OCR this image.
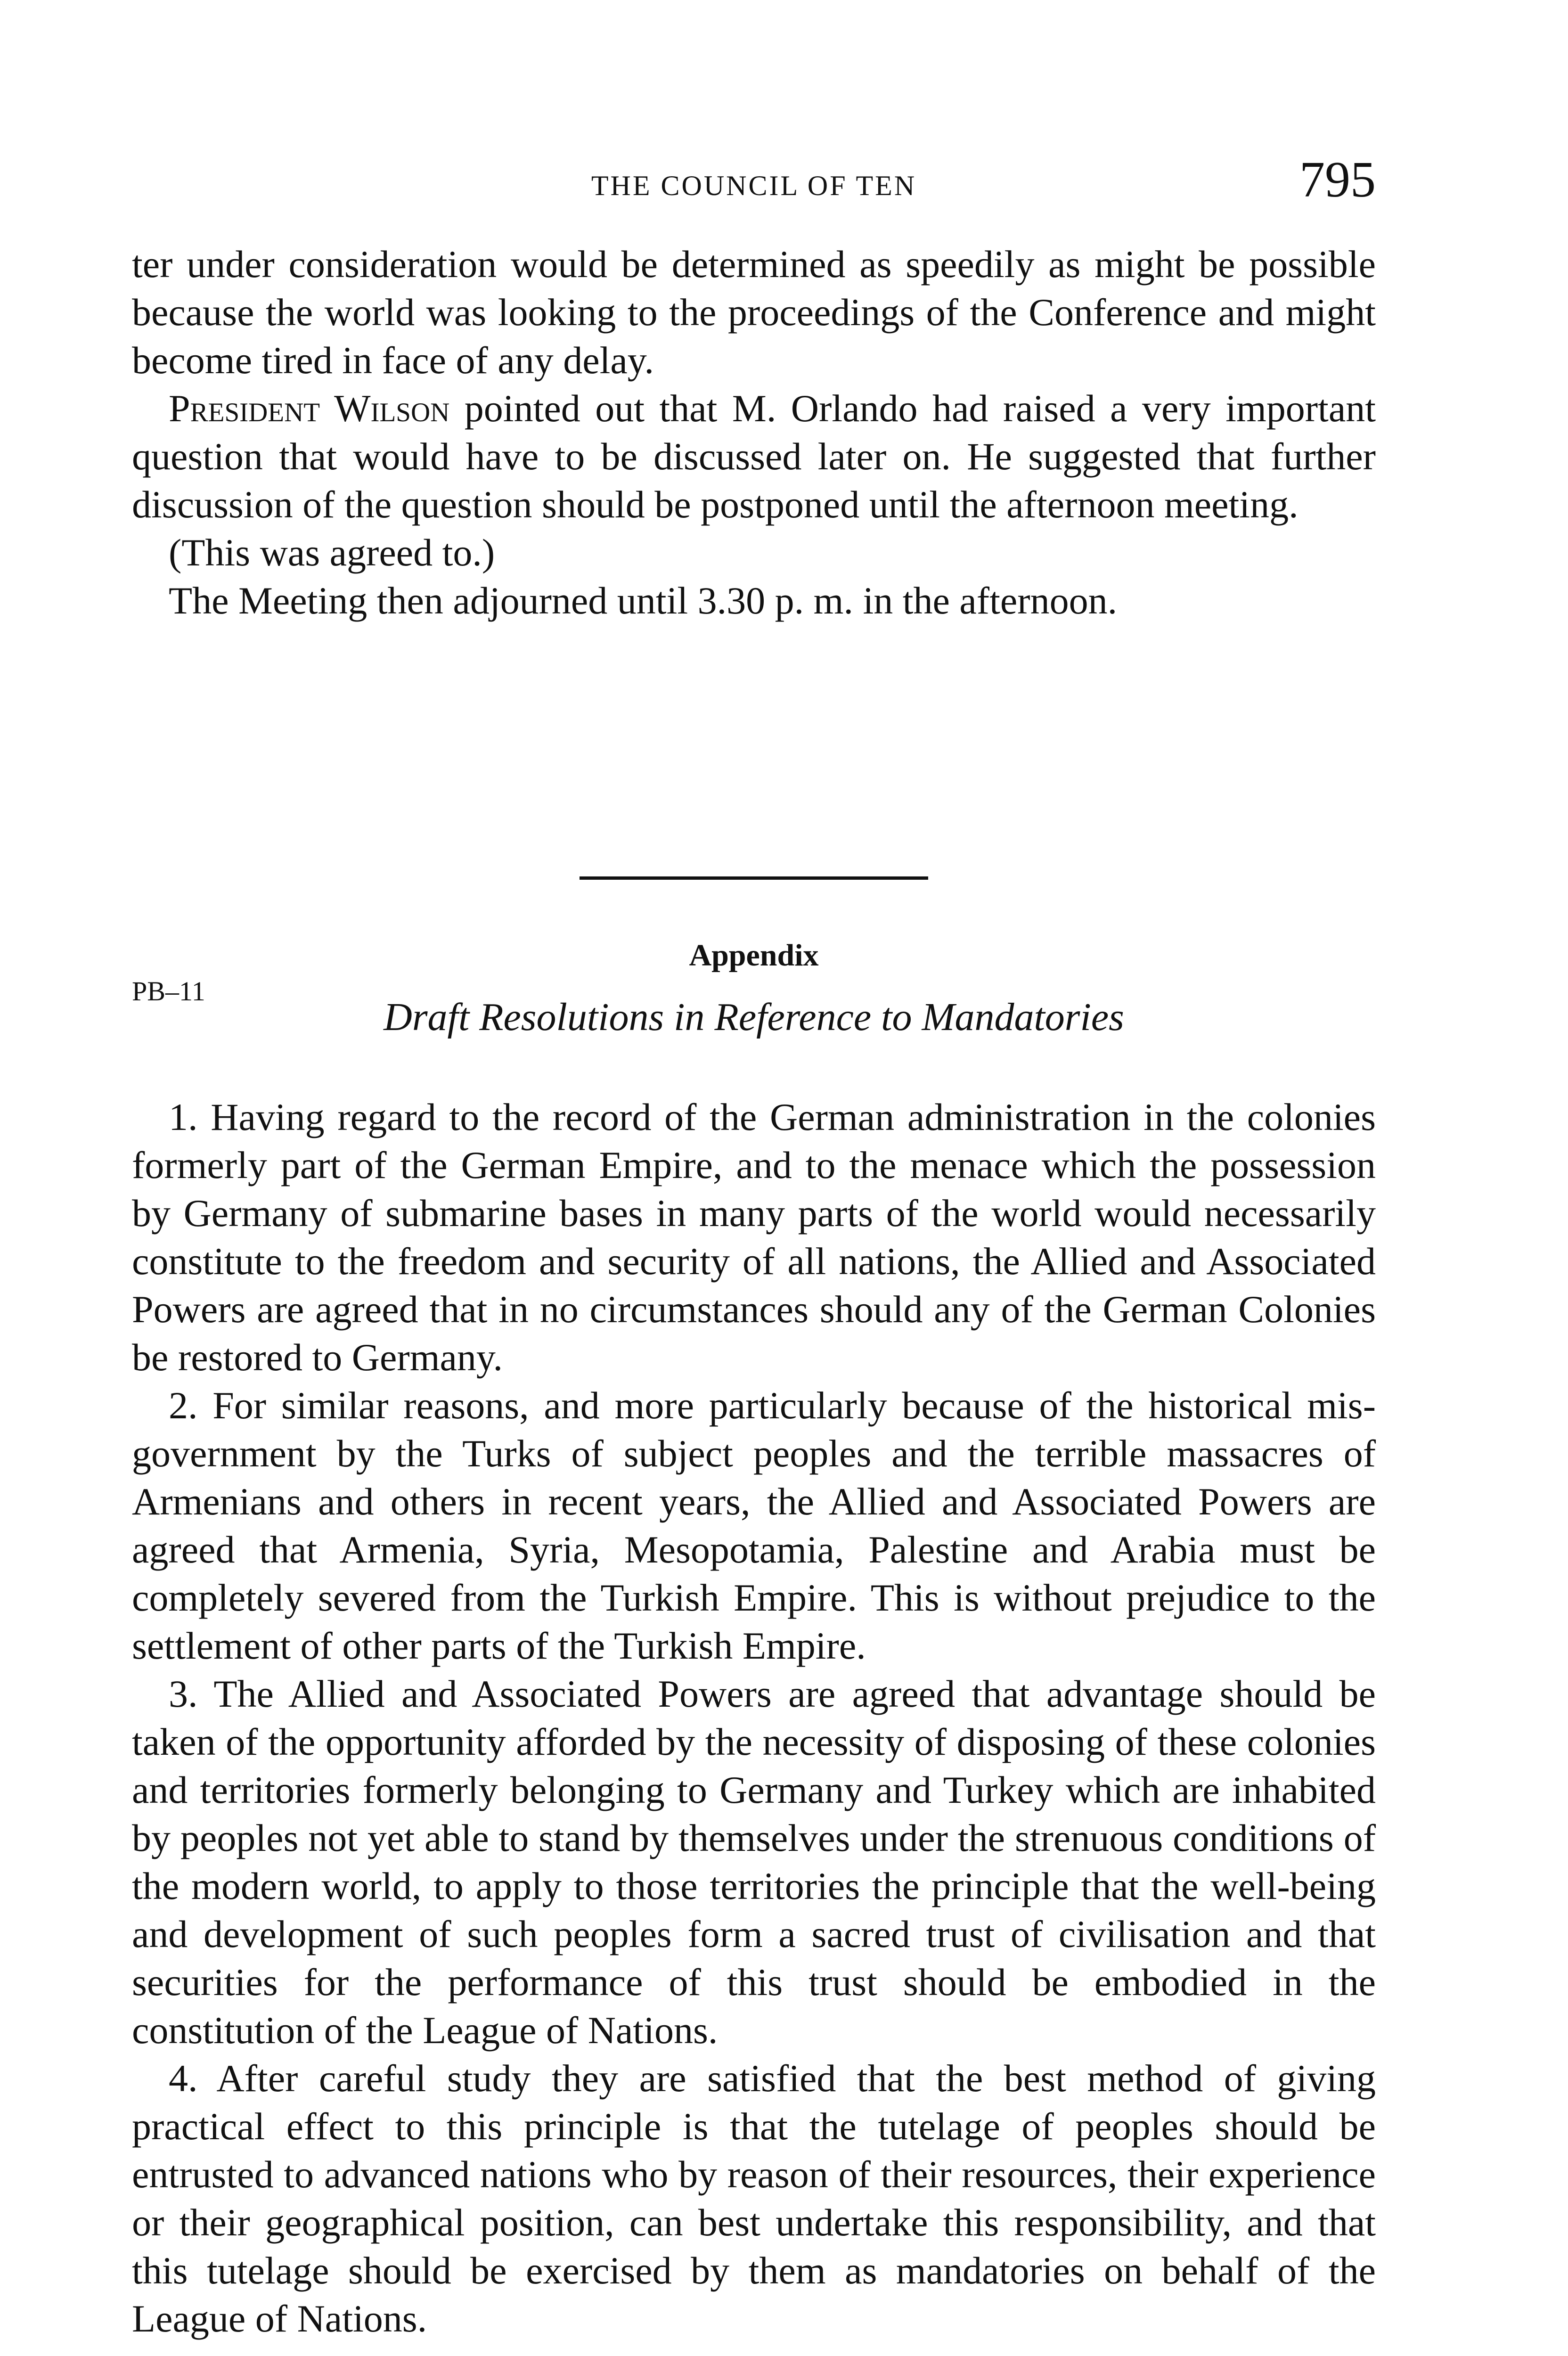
THE COUNCIL OF TEN	795

ter under consideration would be determined as speedily as might be possible because the world was looking to the proceedings of the Conference and might become tired in face of any delay.

President Wilson pointed out that M. Orlando had raised a very important question that would have to be discussed later on. He suggested that further discussion of the question should be postponed until the afternoon meeting.

(This was agreed to.)

The Meeting then adjourned until 3.30 p. m. in the afternoon.

Appendix
PB–11
Draft Resolutions in Reference to Mandatories

1. Having regard to the record of the German administration in the colonies formerly part of the German Empire, and to the menace which the possession by Germany of submarine bases in many parts of the world would necessarily constitute to the freedom and security of all nations, the Allied and Associated Powers are agreed that in no circumstances should any of the German Colonies be restored to Germany.

2. For similar reasons, and more particularly because of the historical mis-government by the Turks of subject peoples and the terrible massacres of Armenians and others in recent years, the Allied and Associated Powers are agreed that Armenia, Syria, Mesopotamia, Palestine and Arabia must be completely severed from the Turkish Empire. This is without prejudice to the settlement of other parts of the Turkish Empire.

3. The Allied and Associated Powers are agreed that advantage should be taken of the opportunity afforded by the necessity of disposing of these colonies and territories formerly belonging to Germany and Turkey which are inhabited by peoples not yet able to stand by themselves under the strenuous conditions of the modern world, to apply to those territories the principle that the well-being and development of such peoples form a sacred trust of civilisation and that securities for the performance of this trust should be embodied in the constitution of the League of Nations.

4. After careful study they are satisfied that the best method of giving practical effect to this principle is that the tutelage of peoples should be entrusted to advanced nations who by reason of their resources, their experience or their geographical position, can best undertake this responsibility, and that this tutelage should be exercised by them as mandatories on behalf of the League of Nations.
